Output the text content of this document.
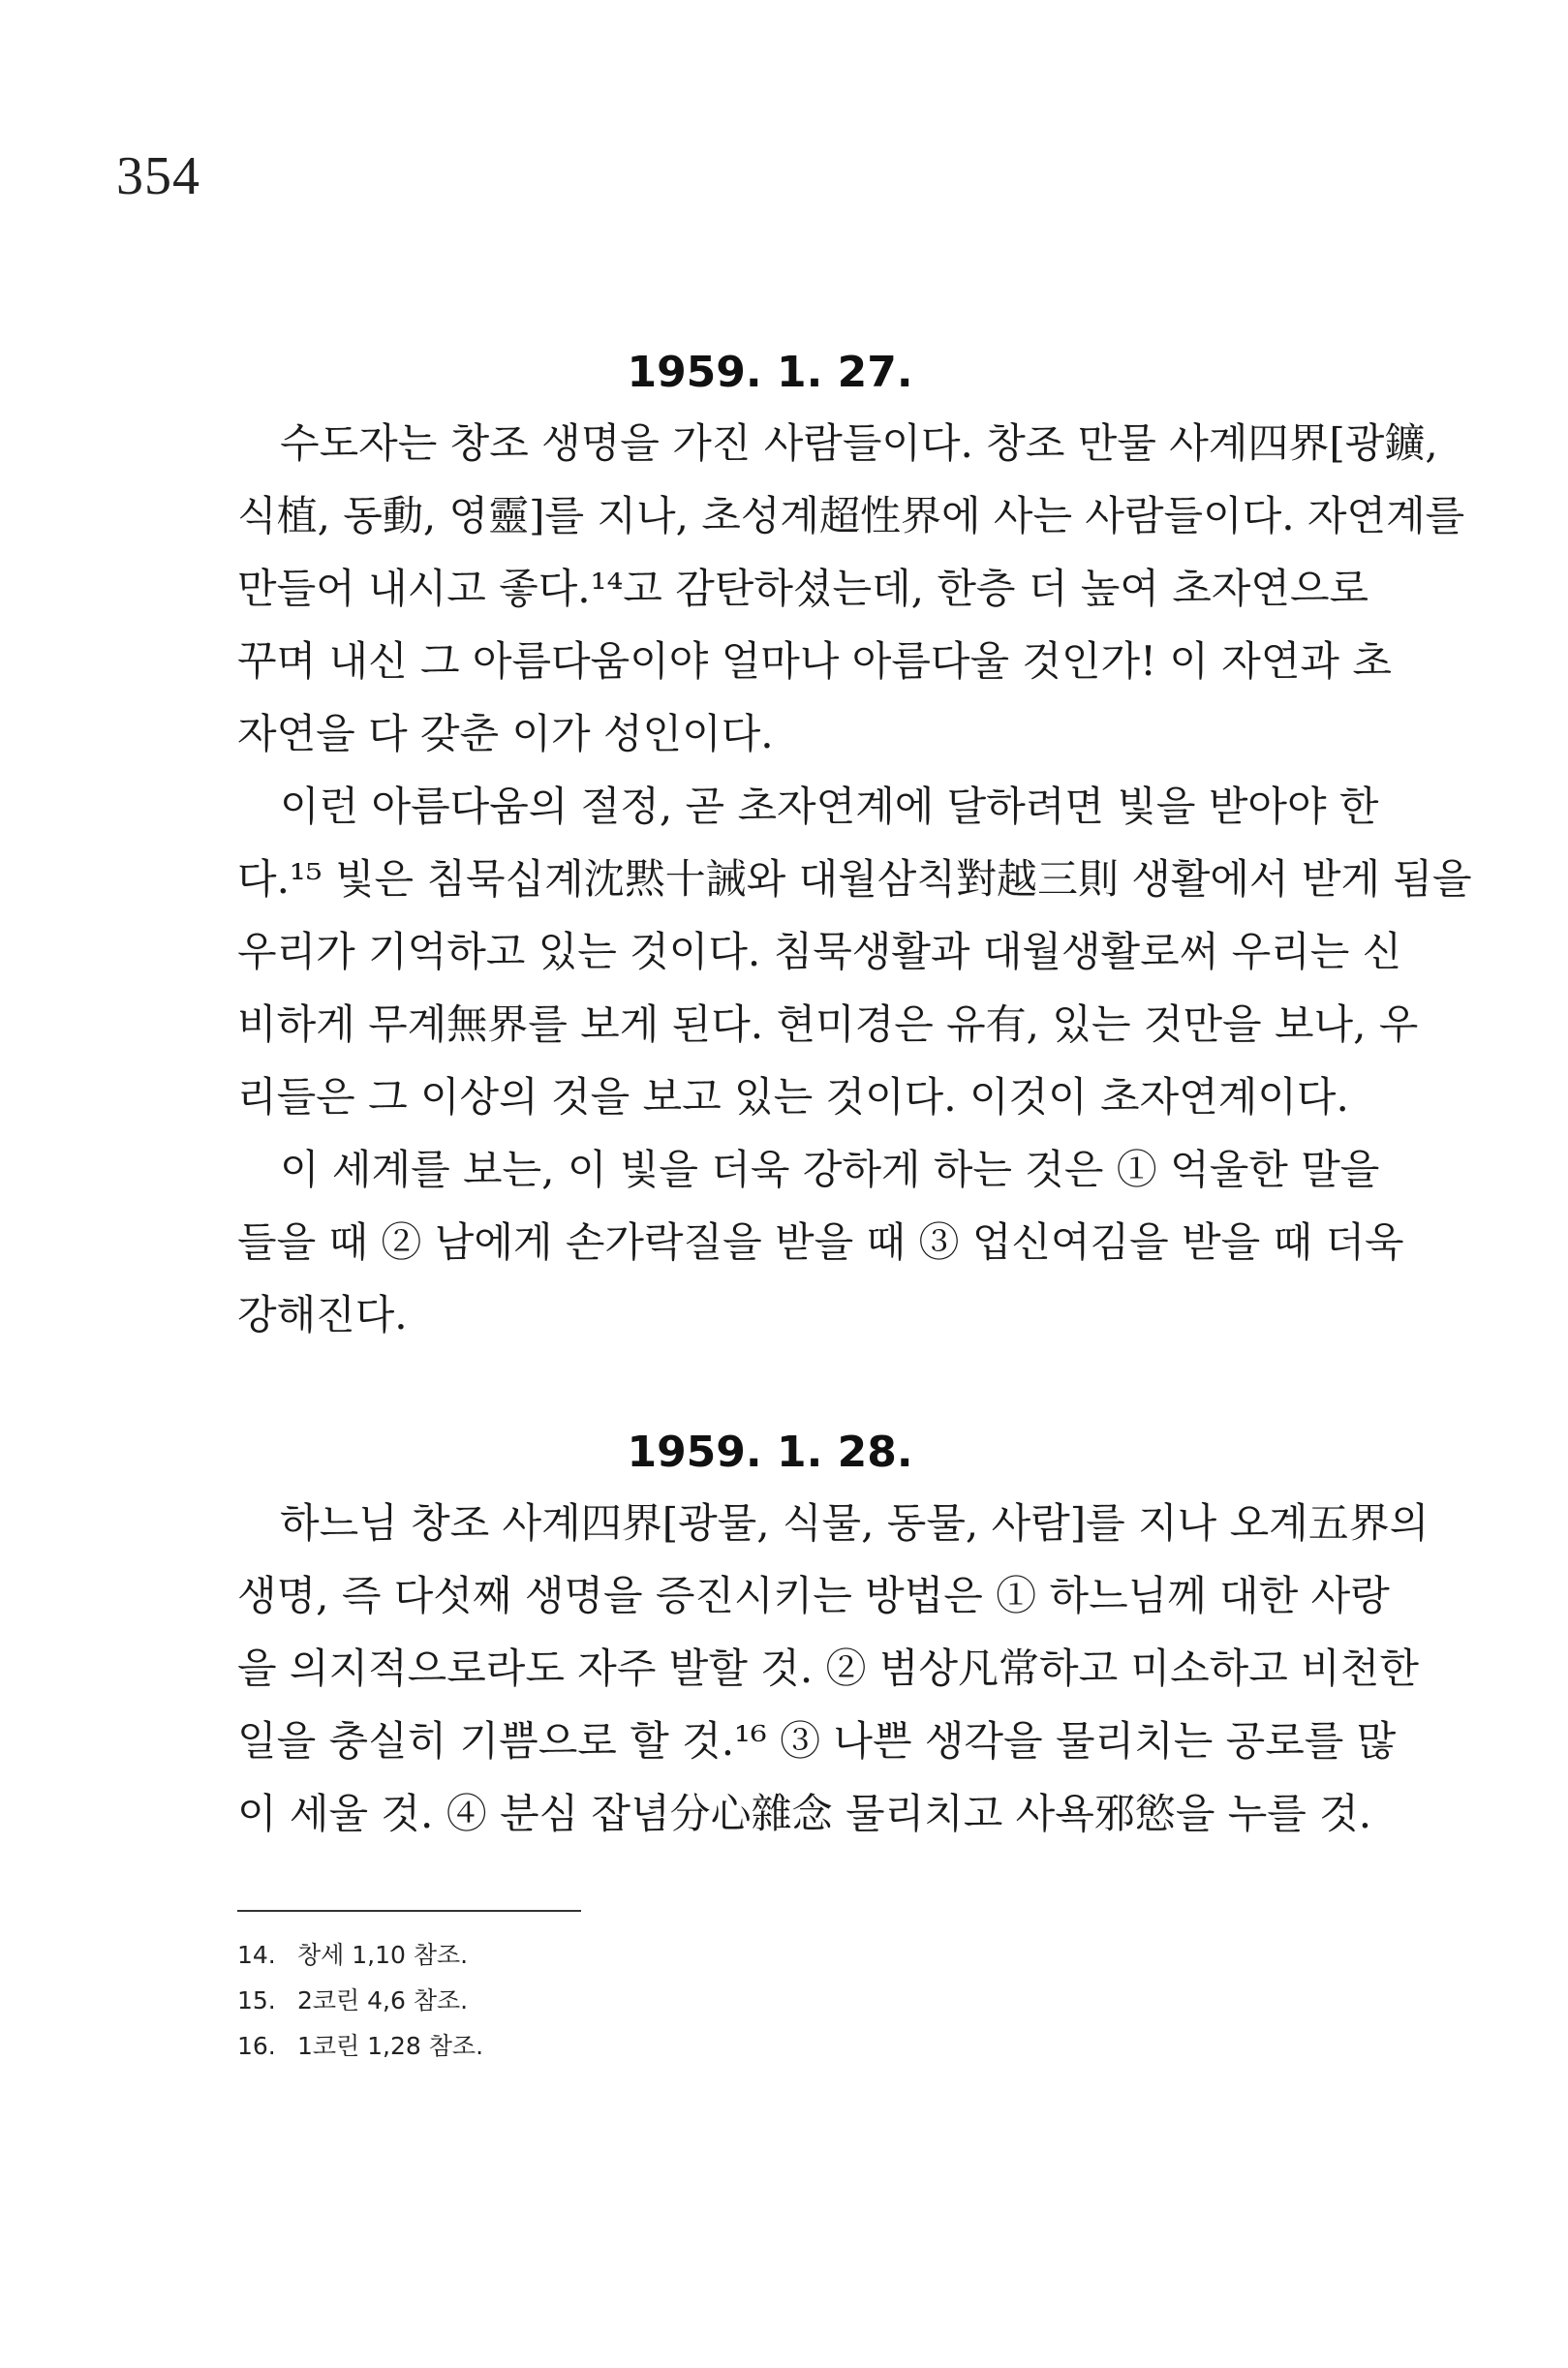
354
1959. 1. 27.
수도자는 창조 생명을 가진 사람들이다. 창조 만물 사계四界[광鑛,
식植, 동動, 영靈]를 지나, 초성계超性界에 사는 사람들이다. 자연계를
만들어 내시고 좋다.¹⁴고 감탄하셨는데, 한층 더 높여 초자연으로
꾸며 내신 그 아름다움이야 얼마나 아름다울 것인가! 이 자연과 초
자연을 다 갖춘 이가 성인이다.
이런 아름다움의 절정, 곧 초자연계에 달하려면 빛을 받아야 한
다.¹⁵ 빛은 침묵십계沈黙十誡와 대월삼칙對越三則 생활에서 받게 됨을
우리가 기억하고 있는 것이다. 침묵생활과 대월생활로써 우리는 신
비하게 무계無界를 보게 된다. 현미경은 유有, 있는 것만을 보나, 우
리들은 그 이상의 것을 보고 있는 것이다. 이것이 초자연계이다.
이 세계를 보는, 이 빛을 더욱 강하게 하는 것은 ① 억울한 말을
들을 때 ② 남에게 손가락질을 받을 때 ③ 업신여김을 받을 때 더욱
강해진다.
1959. 1. 28.
하느님 창조 사계四界[광물, 식물, 동물, 사람]를 지나 오계五界의
생명, 즉 다섯째 생명을 증진시키는 방법은 ① 하느님께 대한 사랑
을 의지적으로라도 자주 발할 것. ② 범상凡常하고 미소하고 비천한
일을 충실히 기쁨으로 할 것.¹⁶ ③ 나쁜 생각을 물리치는 공로를 많
이 세울 것. ④ 분심 잡념分心雜念 물리치고 사욕邪慾을 누를 것.
14. 창세 1,10 참조.
15. 2코린 4,6 참조.
16. 1코린 1,28 참조.
